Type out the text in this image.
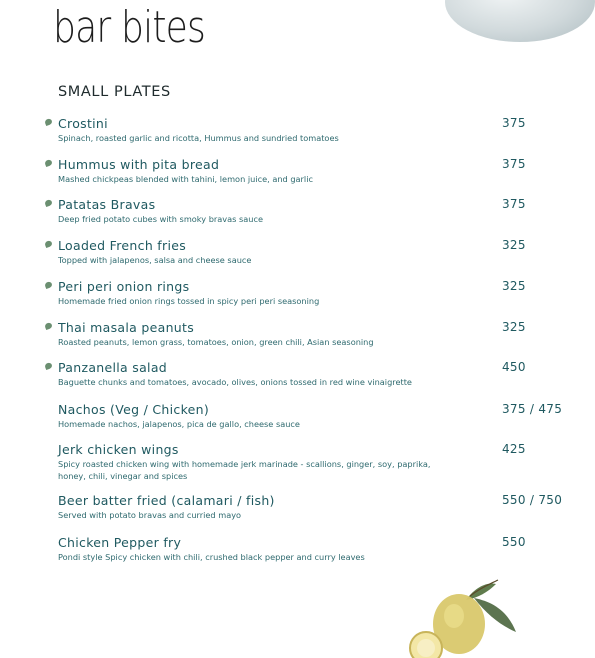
bar bites
SMALL PLATES
Crostini
Spinach, roasted garlic and ricotta, Hummus and sundried tomatoes
375
Hummus with pita bread
Mashed chickpeas blended with tahini, lemon juice, and garlic
375
Patatas Bravas
Deep fried potato cubes with smoky bravas sauce
375
Loaded French fries
Topped with jalapenos, salsa and cheese sauce
325
Peri peri onion rings
Homemade fried onion rings tossed in spicy peri peri seasoning
325
Thai masala peanuts
Roasted peanuts, lemon grass, tomatoes, onion, green chili, Asian seasoning
325
Panzanella salad
Baguette chunks and tomatoes, avocado, olives, onions tossed in red wine vinaigrette
450
Nachos (Veg / Chicken)
Homemade nachos, jalapenos, pica de gallo, cheese sauce
375 / 475
Jerk chicken wings
Spicy roasted chicken wing with homemade jerk marinade - scallions, ginger, soy, paprika, honey, chili, vinegar and spices
425
Beer batter fried (calamari / fish)
Served with potato bravas and curried mayo
550 / 750
Chicken Pepper fry
Pondi style Spicy chicken with chili, crushed black pepper and curry leaves
550
